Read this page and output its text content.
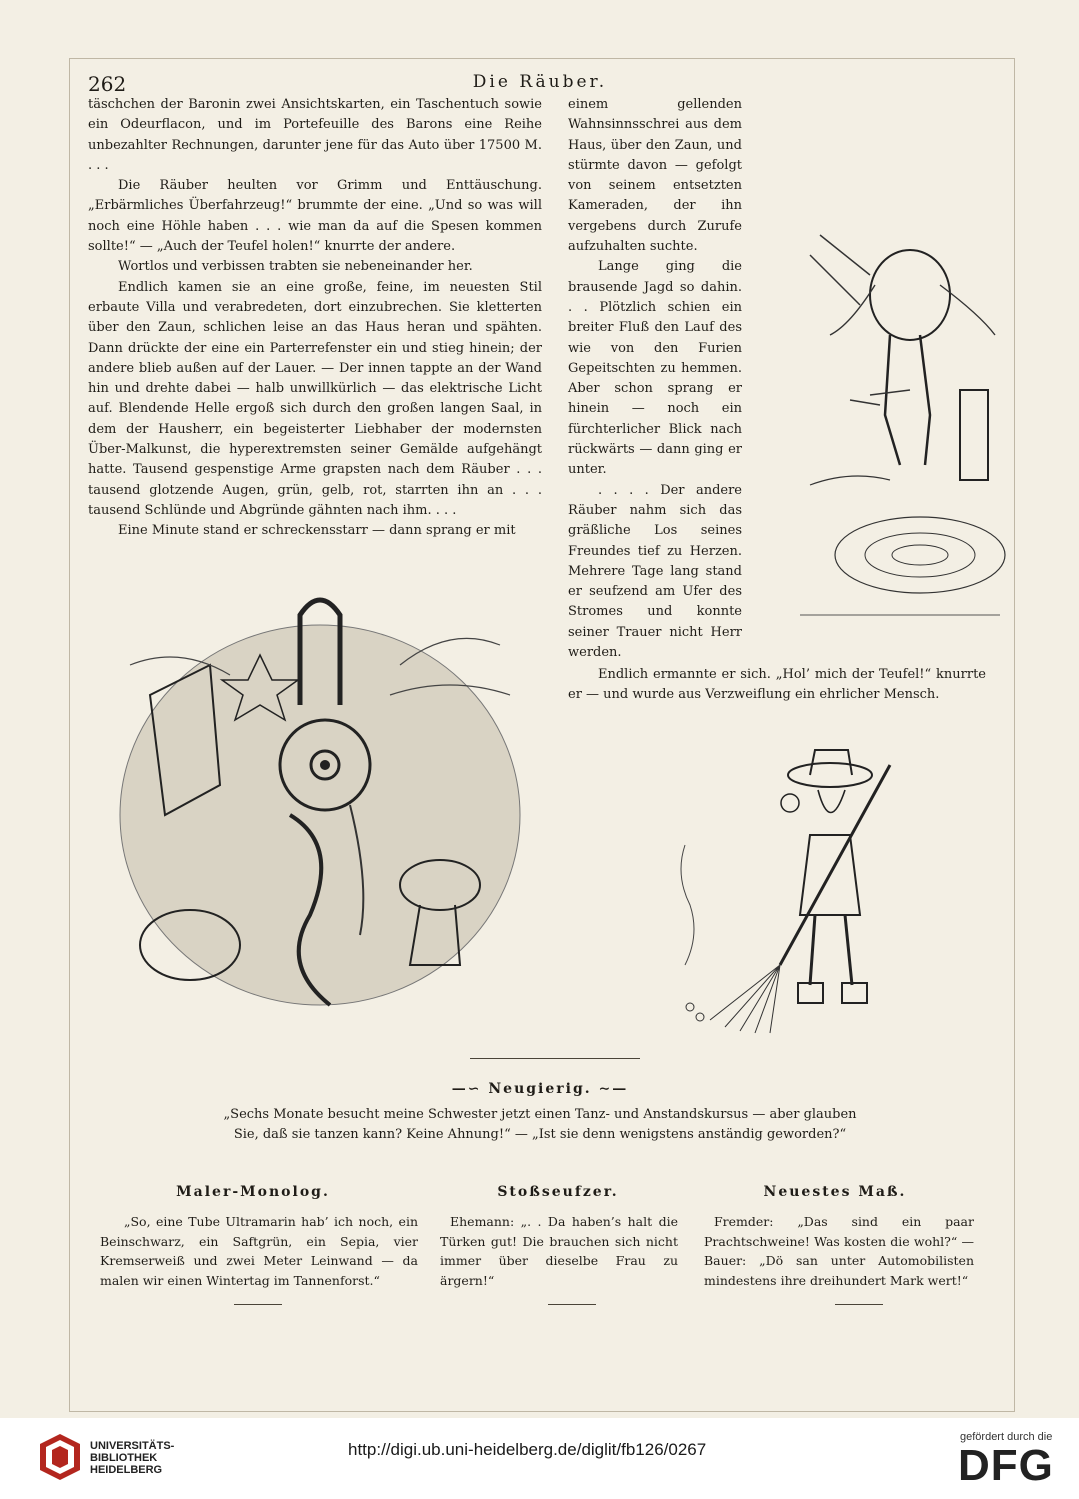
262	Die Räuber.

täschchen der Baronin zwei Ansichtskarten, ein Taschentuch sowie ein Odeurflacon, und im Portefeuille des Barons eine Reihe unbezahlter Rechnungen, darunter jene für das Auto über 17500 M. . . .

Die Räuber heulten vor Grimm und Enttäuschung. „Erbärmliches Überfahrzeug!“ brummte der eine. „Und so was will noch eine Höhle haben . . . wie man da auf die Spesen kommen sollte!“ — „Auch der Teufel holen!“ knurrte der andere.

Wortlos und verbissen trabten sie nebeneinander her.

Endlich kamen sie an eine große, feine, im neuesten Stil erbaute Villa und verabredeten, dort einzubrechen. Sie kletterten über den Zaun, schlichen leise an das Haus heran und spähten. Dann drückte der eine ein Parterrefenster ein und stieg hinein; der andere blieb außen auf der Lauer. — Der innen tappte an der Wand hin und drehte dabei — halb unwillkürlich — das elektrische Licht auf. Blendende Helle ergoß sich durch den großen langen Saal, in dem der Hausherr, ein begeisterter Liebhaber der modernsten Über-Malkunst, die hyperextremsten seiner Gemälde aufgehängt hatte. Tausend gespenstige Arme grapsten nach dem Räuber . . . tausend glotzende Augen, grün, gelb, rot, starrten ihn an . . . tausend Schlünde und Abgründe gähnten nach ihm. . . .

Eine Minute stand er schreckensstarr — dann sprang er mit

einem gellenden Wahnsinnsschrei aus dem Haus, über den Zaun, und stürmte davon — gefolgt von seinem entsetzten Kameraden, der ihn vergebens durch Zurufe aufzuhalten suchte.

Lange ging die brausende Jagd so dahin. . . Plötzlich schien ein breiter Fluß den Lauf des wie von den Furien Gepeitschten zu hemmen. Aber schon sprang er hinein — noch ein fürchterlicher Blick nach rückwärts — dann ging er unter.

. . . . Der andere Räuber nahm sich das gräßliche Los seines Freundes tief zu Herzen. Mehrere Tage lang stand er seufzend am Ufer des Stromes und konnte seiner Trauer nicht Herr werden.

Endlich ermannte er sich. „Hol’ mich der Teufel!“ knurrte er — und wurde aus Verzweiflung ein ehrlicher Mensch.

—∽ Neugierig. ∼—
„Sechs Monate besucht meine Schwester jetzt einen Tanz- und Anstandskursus — aber glauben
Sie, daß sie tanzen kann? Keine Ahnung!“ — „Ist sie denn wenigstens anständig geworden?“
Maler-Monolog.	Stoßseufzer.	Neuestes Maß.
„So, eine Tube Ultramarin hab’ ich noch, ein Beinschwarz, ein Saftgrün, ein Sepia, vier Kremserweiß und zwei Meter Leinwand — da malen wir einen Wintertag im Tannenforst.“
Ehemann: „. . Da haben’s halt die Türken gut! Die brauchen sich nicht immer über dieselbe Frau zu ärgern!“
Fremder: „Das sind ein paar Prachtschweine! Was kosten die wohl?“ — Bauer: „Dö san unter Automobilisten mindestens ihre dreihundert Mark wert!“
UNIVERSITÄTS-
BIBLIOTHEK
HEIDELBERG
http://digi.ub.uni-heidelberg.de/diglit/fb126/0267
gefördert durch die
DFG
